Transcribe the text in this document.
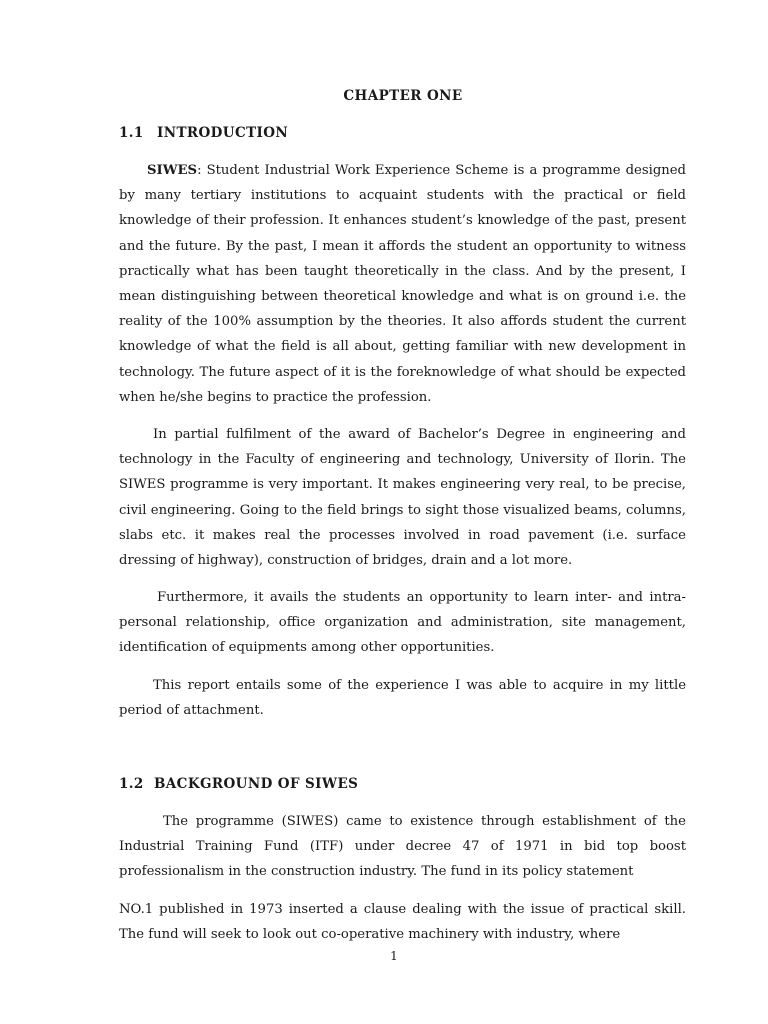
CHAPTER ONE
1.1 INTRODUCTION

SIWES: Student Industrial Work Experience Scheme is a programme designed by many tertiary institutions to acquaint students with the practical or field knowledge of their profession. It enhances student’s knowledge of the past, present and the future. By the past, I mean it affords the student an opportunity to witness practically what has been taught theoretically in the class. And by the present, I mean distinguishing between theoretical knowledge and what is on ground i.e. the reality of the 100% assumption by the theories. It also affords student the current knowledge of what the field is all about, getting familiar with new development in technology. The future aspect of it is the foreknowledge of what should be expected when he/she begins to practice the profession.

In partial fulfilment of the award of Bachelor’s Degree in engineering and technology in the Faculty of engineering and technology, University of Ilorin. The SIWES programme is very important. It makes engineering very real, to be precise, civil engineering. Going to the field brings to sight those visualized beams, columns, slabs etc. it makes real the processes involved in road pavement (i.e. surface dressing of highway), construction of bridges, drain and a lot more.

Furthermore, it avails the students an opportunity to learn inter- and intra-personal relationship, office organization and administration, site management, identification of equipments among other opportunities.

This report entails some of the experience I was able to acquire in my little period of attachment.

1.2 BACKGROUND OF SIWES

The programme (SIWES) came to existence through establishment of the Industrial Training Fund (ITF) under decree 47 of 1971 in bid top boost professionalism in the construction industry. The fund in its policy statement

NO.1 published in 1973 inserted a clause dealing with the issue of practical skill. The fund will seek to look out co-operative machinery with industry, where

1
